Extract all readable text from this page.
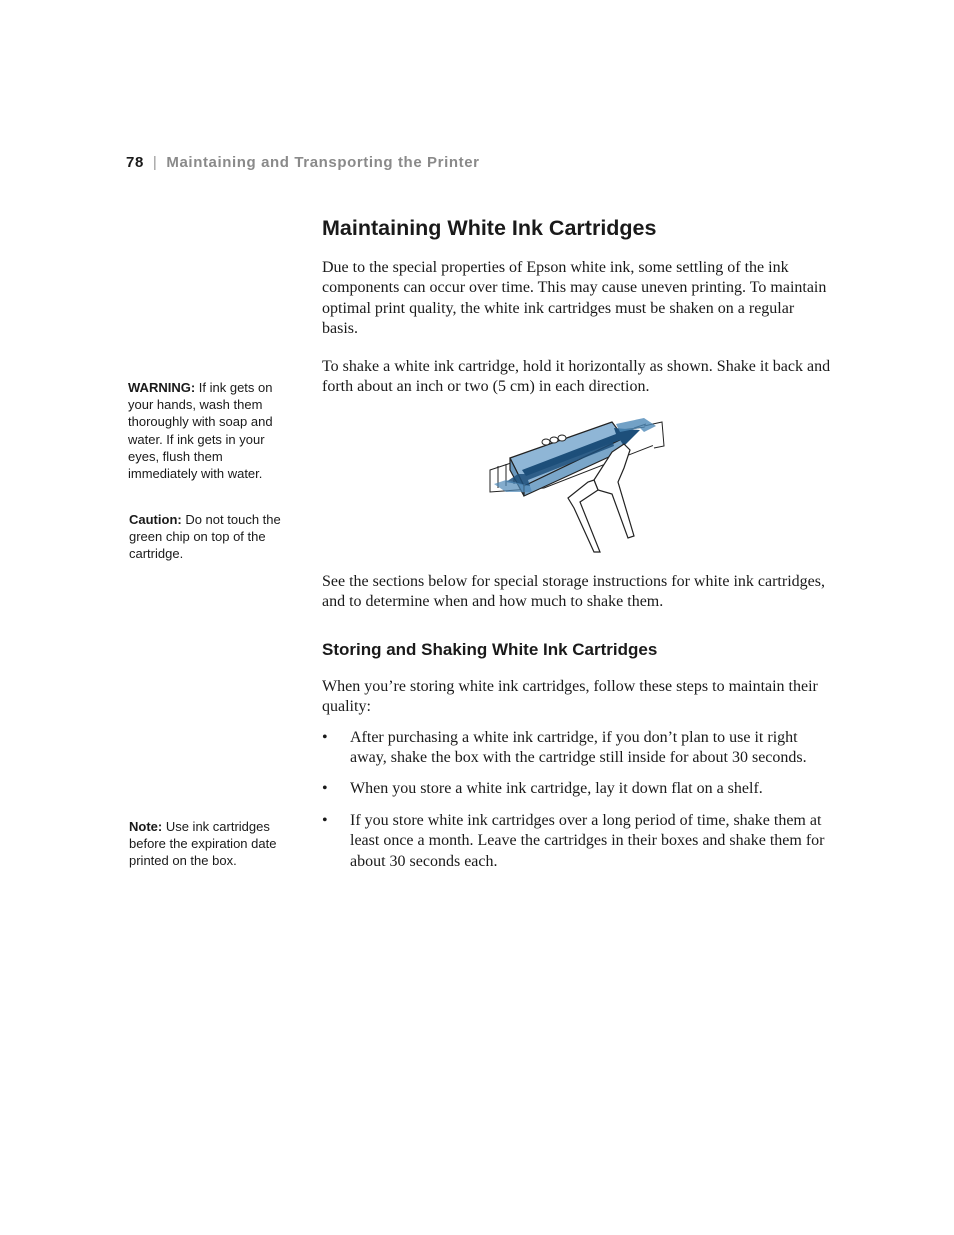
78 | Maintaining and Transporting the Printer
Maintaining White Ink Cartridges

Due to the special properties of Epson white ink, some settling of the ink components can occur over time. This may cause uneven printing. To maintain optimal print quality, the white ink cartridges must be shaken on a regular basis.

To shake a white ink cartridge, hold it horizontally as shown. Shake it back and forth about an inch or two (5 cm) in each direction.

See the sections below for special storage instructions for white ink cartridges, and to determine when and how much to shake them.

Storing and Shaking White Ink Cartridges

When you’re storing white ink cartridges, follow these steps to maintain their quality:

•	After purchasing a white ink cartridge, if you don’t plan to use it right away, shake the box with the cartridge still inside for about 30 seconds.
•	When you store a white ink cartridge, lay it down flat on a shelf.
•	If you store white ink cartridges over a long period of time, shake them at least once a month. Leave the cartridges in their boxes and shake them for about 30 seconds each.
WARNING: If ink gets on your hands, wash them thoroughly with soap and water. If ink gets in your eyes, flush them immediately with water.
Caution: Do not touch the green chip on top of the cartridge.
Note: Use ink cartridges before the expiration date printed on the box.
